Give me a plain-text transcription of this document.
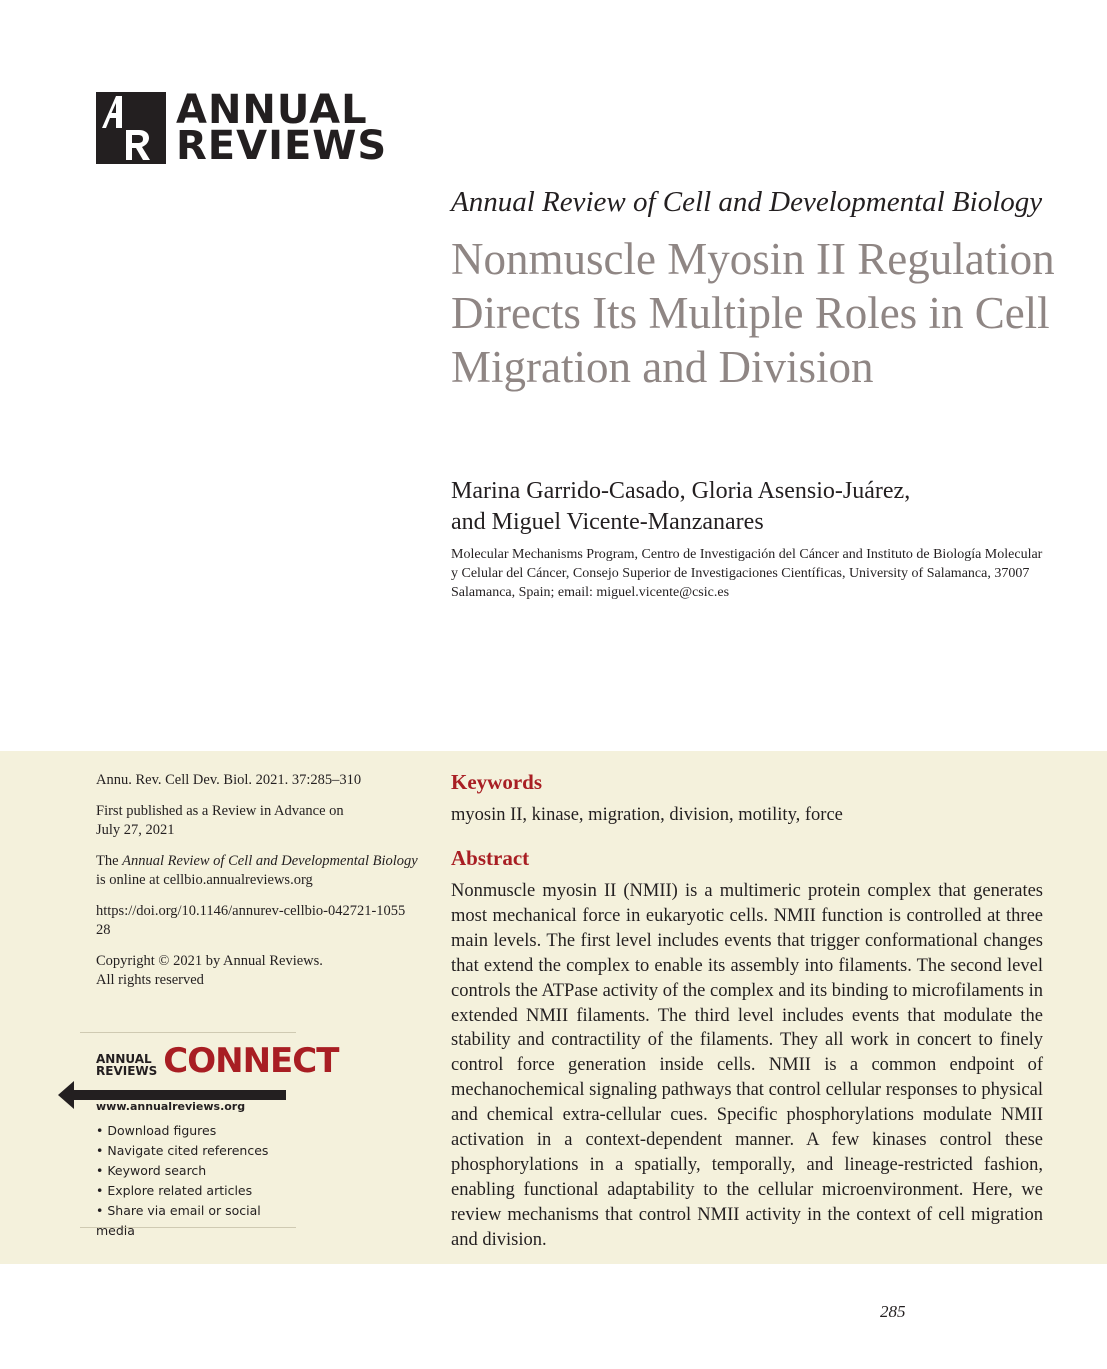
ANNUAL
REVIEWS
Annual Review of Cell and Developmental Biology
Nonmuscle Myosin II Regulation Directs Its Multiple Roles in Cell Migration and Division
Marina Garrido-Casado, Gloria Asensio-Juárez,
and Miguel Vicente-Manzanares
Molecular Mechanisms Program, Centro de Investigación del Cáncer and Instituto de Biología Molecular y Celular del Cáncer, Consejo Superior de Investigaciones Científicas, University of Salamanca, 37007 Salamanca, Spain; email: miguel.vicente@csic.es

Annu. Rev. Cell Dev. Biol. 2021. 37:285–310

First published as a Review in Advance on July 27, 2021

The Annual Review of Cell and Developmental Biology is online at cellbio.annualreviews.org

https://doi.org/10.1146/annurev-cellbio-042721-105528

Copyright © 2021 by Annual Reviews.
All rights reserved

ANNUAL
REVIEWS CONNECT
www.annualreviews.org
• Download figures
• Navigate cited references
• Keyword search
• Explore related articles
• Share via email or social media
Keywords
myosin II, kinase, migration, division, motility, force
Abstract

Nonmuscle myosin II (NMII) is a multimeric protein complex that generates most mechanical force in eukaryotic cells. NMII function is controlled at three main levels. The first level includes events that trigger conformational changes that extend the complex to enable its assembly into filaments. The second level controls the ATPase activity of the complex and its binding to microfilaments in extended NMII filaments. The third level includes events that modulate the stability and contractility of the filaments. They all work in concert to finely control force generation inside cells. NMII is a common endpoint of mechanochemical signaling pathways that control cellular responses to physical and chemical extra-cellular cues. Specific phosphorylations modulate NMII activation in a context-dependent manner. A few kinases control these phosphorylations in a spatially, temporally, and lineage-restricted fashion, enabling functional adaptability to the cellular microenvironment. Here, we review mechanisms that control NMII activity in the context of cell migration and division.

285
